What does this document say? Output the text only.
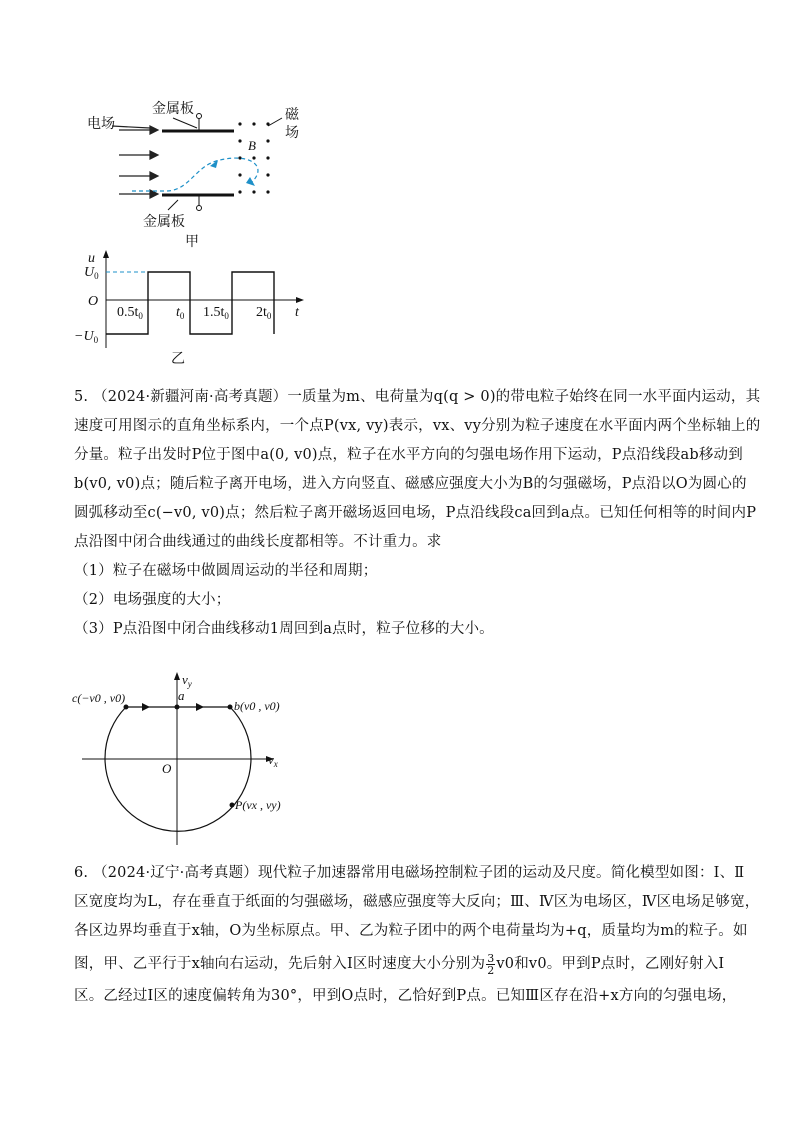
电场
金属板
金属板
磁
场
B
甲
u
$U_0$
O
$-U_0$
$0.5t_0$ $t_0$ $1.5t_0$ $2t_0$ t
乙
5. （2024·新疆河南·高考真题）一质量为m、电荷量为q(q > 0)的带电粒子始终在同一水平面内运动，其
速度可用图示的直角坐标系内，一个点P(vx, vy)表示，vx、vy分别为粒子速度在水平面内两个坐标轴上的
分量。粒子出发时P位于图中a(0, v0)点，粒子在水平方向的匀强电场作用下运动，P点沿线段ab移动到
b(v0, v0)点；随后粒子离开电场，进入方向竖直、磁感应强度大小为B的匀强磁场，P点沿以O为圆心的
圆弧移动至c(−v0, v0)点；然后粒子离开磁场返回电场，P点沿线段ca回到a点。已知任何相等的时间内P
点沿图中闭合曲线通过的曲线长度都相等。不计重力。求
（1）粒子在磁场中做圆周运动的半径和周期；
（2）电场强度的大小；
（3）P点沿图中闭合曲线移动1周回到a点时，粒子位移的大小。
$v_y$
$v_x$
O
a
b(v0 , v0)
c(−v0 , v0)
P(vx , vy)
6. （2024·辽宁·高考真题）现代粒子加速器常用电磁场控制粒子团的运动及尺度。简化模型如图：Ⅰ、Ⅱ
区宽度均为L，存在垂直于纸面的匀强磁场，磁感应强度等大反向；Ⅲ、Ⅳ区为电场区，Ⅳ区电场足够宽，
各区边界均垂直于x轴，O为坐标原点。甲、乙为粒子团中的两个电荷量均为+q，质量均为m的粒子。如
图，甲、乙平行于x轴向右运动，先后射入Ⅰ区时速度大小分别为 $\frac{3}{2} v0$和v0。甲到P点时，乙刚好射入Ⅰ
区。乙经过Ⅰ区的速度偏转角为30°，甲到O点时，乙恰好到P点。已知Ⅲ区存在沿+x方向的匀强电场，
